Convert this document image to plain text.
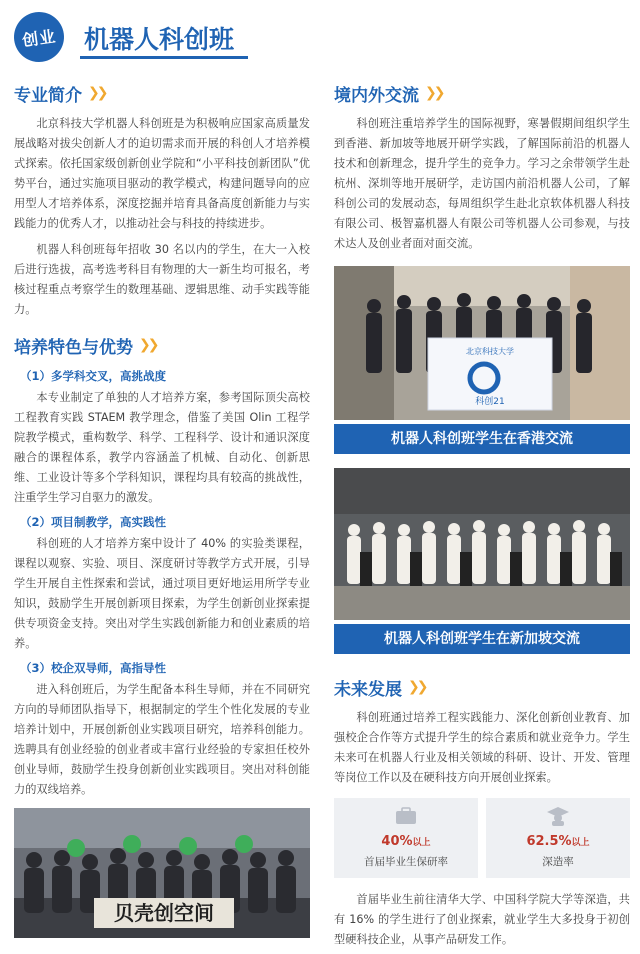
创业 机器人科创班
专业简介 ❯❯

北京科技大学机器人科创班是为积极响应国家高质量发展战略对拔尖创新人才的迫切需求而开展的科创人才培养模式探索。依托国家级创新创业学院和“小平科技创新团队”优势平台，通过实施项目驱动的教学模式，构建问题导向的应用型人才培养体系，深度挖掘并培育具备高度创新能力与实践能力的优秀人才，以推动社会与科技的持续进步。

机器人科创班每年招收 30 名以内的学生，在大一入校后进行选拔，高考选考科目有物理的大一新生均可报名，考核过程重点考察学生的数理基础、逻辑思维、动手实践等能力。

培养特色与优势 ❯❯
（1）多学科交叉，高挑战度

本专业制定了单独的人才培养方案，参考国际顶尖高校工程教育实践 STAEM 教学理念，借鉴了美国 Olin 工程学院教学模式，重构数学、科学、工程科学、设计和通识深度融合的课程体系，教学内容涵盖了机械、自动化、创新思维、工业设计等多个学科知识，课程均具有较高的挑战性，注重学生学习自驱力的激发。

（2）项目制教学，高实践性

科创班的人才培养方案中设计了 40% 的实验类课程，课程以观察、实验、项目、深度研讨等教学方式开展，引导学生开展自主性探索和尝试，通过项目更好地运用所学专业知识，鼓励学生开展创新项目探索，为学生创新创业探索提供专项资金支持。突出对学生实践创新能力和创业素质的培养。

（3）校企双导师，高指导性

进入科创班后，为学生配备本科生导师，并在不同研究方向的导师团队指导下，根据制定的学生个性化发展的专业培养计划中，开展创新创业实践项目研究，培养科创能力。选聘具有创业经验的创业者或丰富行业经验的专家担任校外创业导师，鼓励学生投身创新创业实践项目。突出对科创能力的双线培养。

贝壳创空间
境内外交流 ❯❯

科创班注重培养学生的国际视野，寒暑假期间组织学生到香港、新加坡等地展开研学实践，了解国际前沿的机器人技术和创新理念，提升学生的竞争力。学习之余带领学生赴杭州、深圳等地开展研学，走访国内前沿机器人公司，了解科创公司的发展动态，每周组织学生赴北京软体机器人科技有限公司、极智嘉机器人有限公司等机器人公司参观，与技术达人及创业者面对面交流。

北京科技大学
科创21
机器人科创班学生在香港交流
机器人科创班学生在新加坡交流
未来发展 ❯❯

科创班通过培养工程实践能力、深化创新创业教育、加强校企合作等方式提升学生的综合素质和就业竞争力。学生未来可在机器人行业及相关领域的科研、设计、开发、管理等岗位工作以及在硬科技方向开展创业探索。

40%以上
首届毕业生保研率
62.5%以上
深造率

首届毕业生前往清华大学、中国科学院大学等深造，共有 16% 的学生进行了创业探索，就业学生大多投身于初创型硬科技企业，从事产品研发工作。
